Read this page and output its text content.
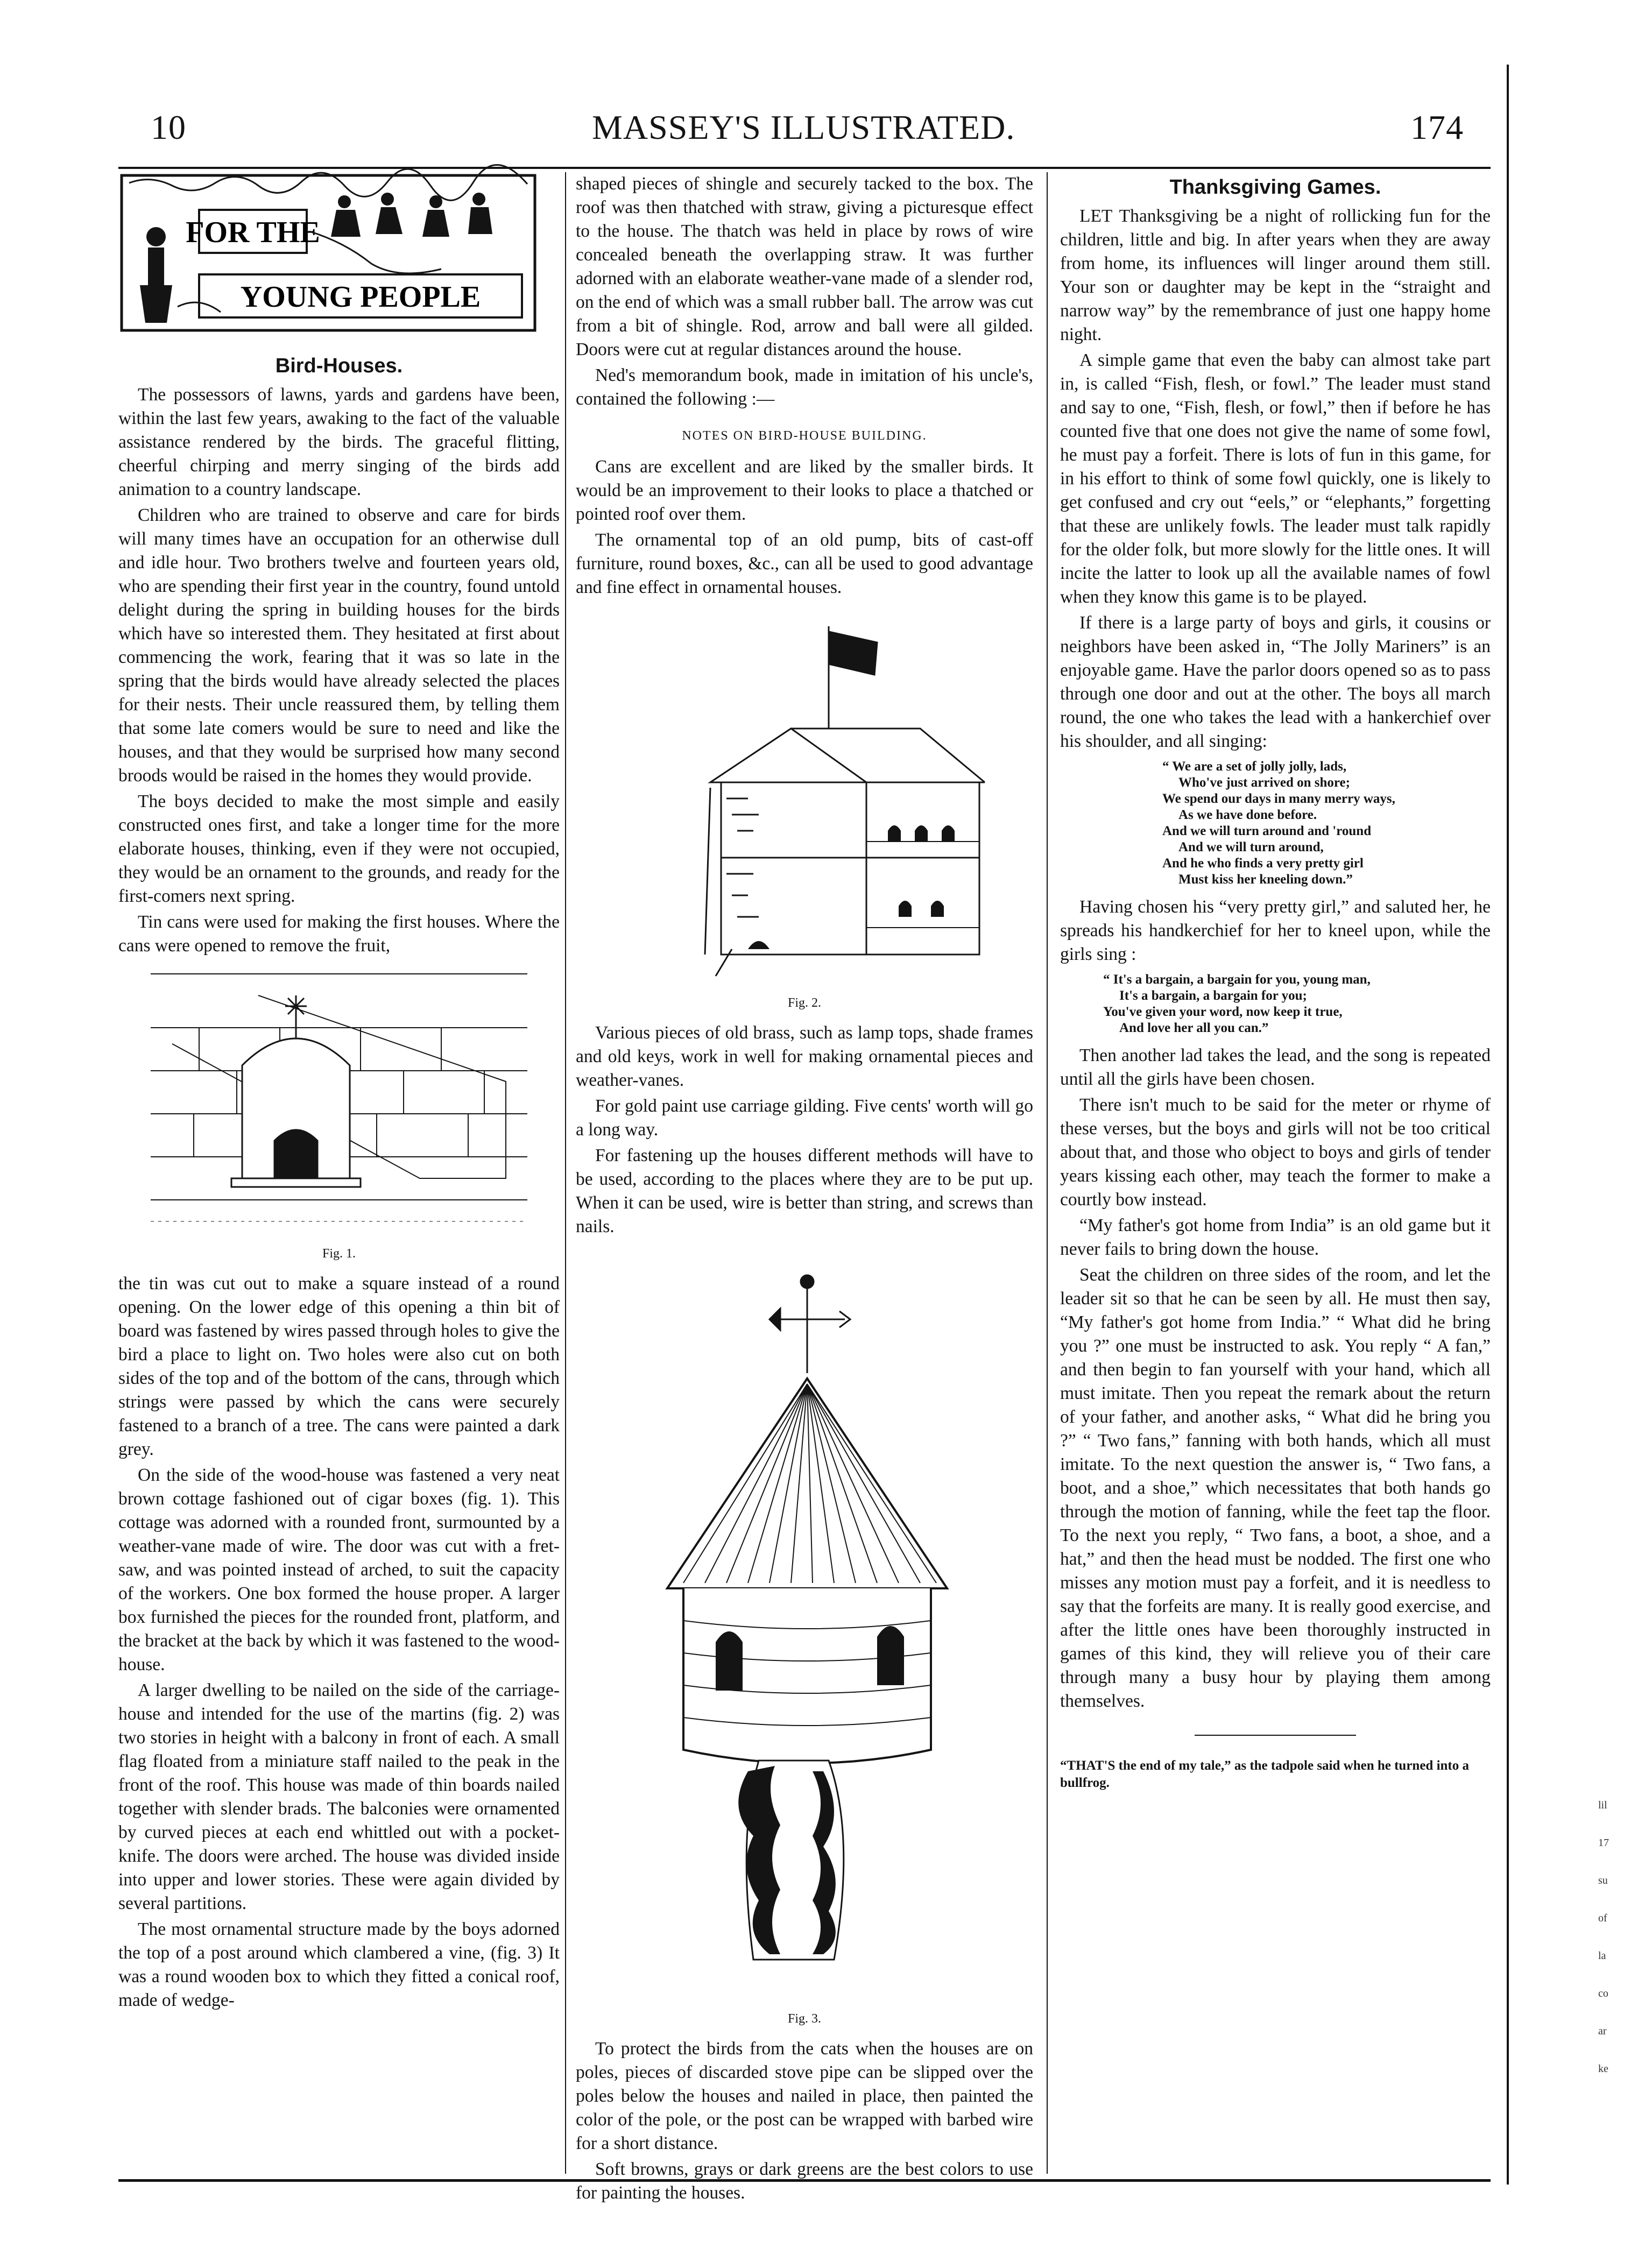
10	MASSEY'S ILLUSTRATED.	174
FOR THE
YOUNG PEOPLE
Bird-Houses.

The possessors of lawns, yards and gardens have been, within the last few years, awaking to the fact of the valuable assistance rendered by the birds. The graceful flitting, cheerful chirping and merry singing of the birds add animation to a country landscape.

Children who are trained to observe and care for birds will many times have an occupation for an otherwise dull and idle hour. Two brothers twelve and fourteen years old, who are spending their first year in the country, found untold delight during the spring in building houses for the birds which have so interested them. They hesitated at first about commencing the work, fearing that it was so late in the spring that the birds would have already selected the places for their nests. Their uncle reassured them, by telling them that some late comers would be sure to need and like the houses, and that they would be surprised how many second broods would be raised in the homes they would provide.

The boys decided to make the most simple and easily constructed ones first, and take a longer time for the more elaborate houses, thinking, even if they were not occupied, they would be an ornament to the grounds, and ready for the first-comers next spring.

Tin cans were used for making the first houses. Where the cans were opened to remove the fruit,

Fig. 1.

the tin was cut out to make a square instead of a round opening. On the lower edge of this opening a thin bit of board was fastened by wires passed through holes to give the bird a place to light on. Two holes were also cut on both sides of the top and of the bottom of the cans, through which strings were passed by which the cans were securely fastened to a branch of a tree. The cans were painted a dark grey.

On the side of the wood-house was fastened a very neat brown cottage fashioned out of cigar boxes (fig. 1). This cottage was adorned with a rounded front, surmounted by a weather-vane made of wire. The door was cut with a fret-saw, and was pointed instead of arched, to suit the capacity of the workers. One box formed the house proper. A larger box furnished the pieces for the rounded front, platform, and the bracket at the back by which it was fastened to the wood-house.

A larger dwelling to be nailed on the side of the carriage-house and intended for the use of the martins (fig. 2) was two stories in height with a balcony in front of each. A small flag floated from a miniature staff nailed to the peak in the front of the roof. This house was made of thin boards nailed together with slender brads. The balconies were ornamented by curved pieces at each end whittled out with a pocket-knife. The doors were arched. The house was divided inside into upper and lower stories. These were again divided by several partitions.

The most ornamental structure made by the boys adorned the top of a post around which clambered a vine, (fig. 3) It was a round wooden box to which they fitted a conical roof, made of wedge-

shaped pieces of shingle and securely tacked to the box. The roof was then thatched with straw, giving a picturesque effect to the house. The thatch was held in place by rows of wire concealed beneath the overlapping straw. It was further adorned with an elaborate weather-vane made of a slender rod, on the end of which was a small rubber ball. The arrow was cut from a bit of shingle. Rod, arrow and ball were all gilded. Doors were cut at regular distances around the house.

Ned's memorandum book, made in imitation of his uncle's, contained the following :—

NOTES ON BIRD-HOUSE BUILDING.

Cans are excellent and are liked by the smaller birds. It would be an improvement to their looks to place a thatched or pointed roof over them.

The ornamental top of an old pump, bits of cast-off furniture, round boxes, &c., can all be used to good advantage and fine effect in ornamental houses.

Fig. 2.

Various pieces of old brass, such as lamp tops, shade frames and old keys, work in well for making ornamental pieces and weather-vanes.

For gold paint use carriage gilding. Five cents' worth will go a long way.

For fastening up the houses different methods will have to be used, according to the places where they are to be put up. When it can be used, wire is better than string, and screws than nails.

Fig. 3.

To protect the birds from the cats when the houses are on poles, pieces of discarded stove pipe can be slipped over the poles below the houses and nailed in place, then painted the color of the pole, or the post can be wrapped with barbed wire for a short distance.

Soft browns, grays or dark greens are the best colors to use for painting the houses.

Thanksgiving Games.

LET Thanksgiving be a night of rollicking fun for the children, little and big. In after years when they are away from home, its influences will linger around them still. Your son or daughter may be kept in the “straight and narrow way” by the remembrance of just one happy home night.

A simple game that even the baby can almost take part in, is called “Fish, flesh, or fowl.” The leader must stand and say to one, “Fish, flesh, or fowl,” then if before he has counted five that one does not give the name of some fowl, he must pay a forfeit. There is lots of fun in this game, for in his effort to think of some fowl quickly, one is likely to get confused and cry out “eels,” or “elephants,” forgetting that these are unlikely fowls. The leader must talk rapidly for the older folk, but more slowly for the little ones. It will incite the latter to look up all the available names of fowl when they know this game is to be played.

If there is a large party of boys and girls, it cousins or neighbors have been asked in, “The Jolly Mariners” is an enjoyable game. Have the parlor doors opened so as to pass through one door and out at the other. The boys all march round, the one who takes the lead with a hankerchief over his shoulder, and all singing:

“ We are a set of jolly jolly, lads,
Who've just arrived on shore;
We spend our days in many merry ways,
As we have done before.
And we will turn around and 'round
And we will turn around,
And he who finds a very pretty girl
Must kiss her kneeling down.”

Having chosen his “very pretty girl,” and saluted her, he spreads his handkerchief for her to kneel upon, while the girls sing :

“ It's a bargain, a bargain for you, young man,
It's a bargain, a bargain for you;
You've given your word, now keep it true,
And love her all you can.”

Then another lad takes the lead, and the song is repeated until all the girls have been chosen.

There isn't much to be said for the meter or rhyme of these verses, but the boys and girls will not be too critical about that, and those who object to boys and girls of tender years kissing each other, may teach the former to make a courtly bow instead.

“My father's got home from India” is an old game but it never fails to bring down the house.

Seat the children on three sides of the room, and let the leader sit so that he can be seen by all. He must then say, “My father's got home from India.” “ What did he bring you ?” one must be instructed to ask. You reply “ A fan,” and then begin to fan yourself with your hand, which all must imitate. Then you repeat the remark about the return of your father, and another asks, “ What did he bring you ?” “ Two fans,” fanning with both hands, which all must imitate. To the next question the answer is, “ Two fans, a boot, and a shoe,” which necessitates that both hands go through the motion of fanning, while the feet tap the floor. To the next you reply, “ Two fans, a boot, a shoe, and a hat,” and then the head must be nodded. The first one who misses any motion must pay a forfeit, and it is needless to say that the forfeits are many. It is really good exercise, and after the little ones have been thoroughly instructed in games of this kind, they will relieve you of their care through many a busy hour by playing them among themselves.

“THAT'S the end of my tale,” as the tadpole said when he turned into a bullfrog.
lil
17
su
of
la
co
ar
ke
